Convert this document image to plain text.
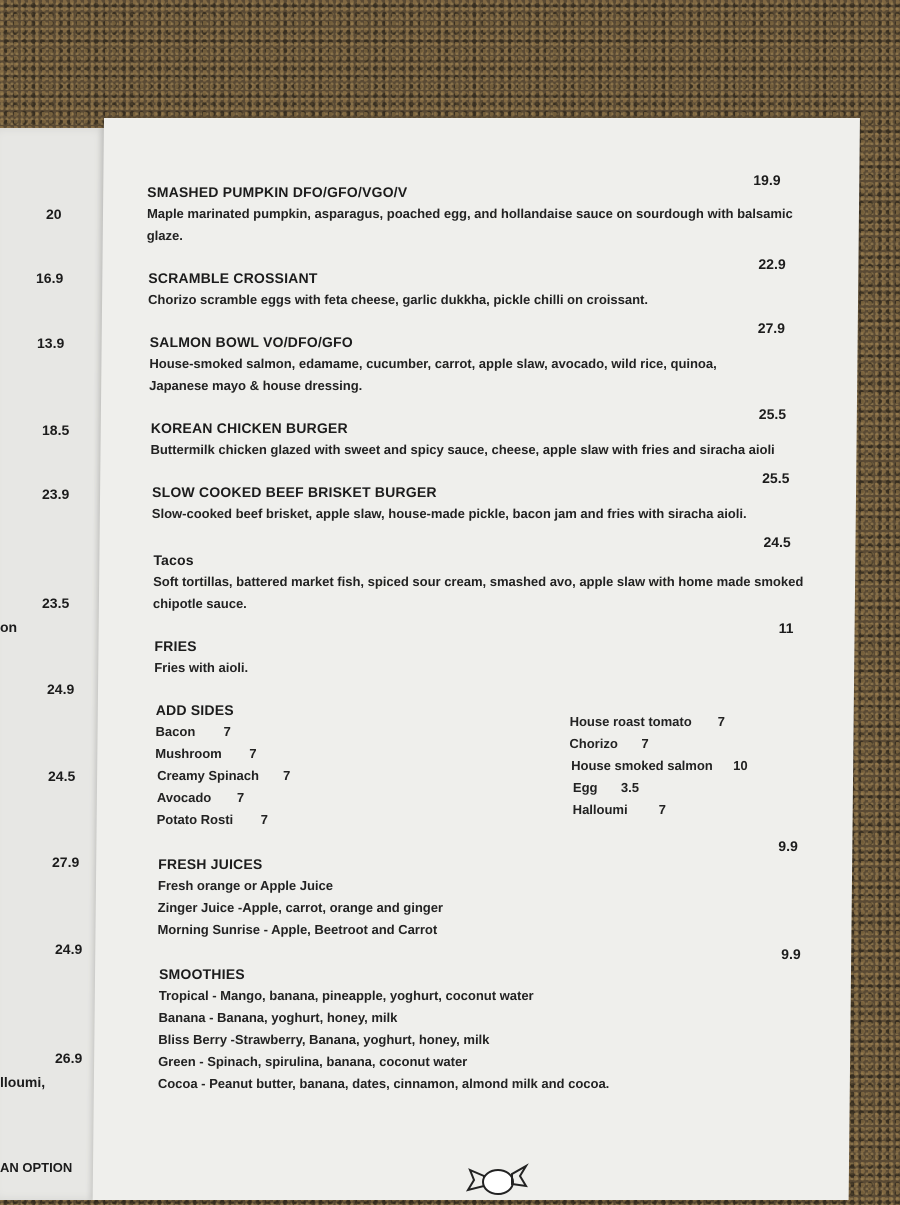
20
16.9
13.9
18.5
23.9
23.5
on
24.9
24.5
27.9
24.9
26.9
lloumi,
AN OPTION
19.9
SMASHED PUMPKIN DFO/GFO/VGO/V
Maple marinated pumpkin, asparagus, poached egg, and hollandaise sauce on sourdough with balsamic
glaze.
22.9
SCRAMBLE CROSSIANT
Chorizo scramble eggs with feta cheese, garlic dukkha, pickle chilli on croissant.
27.9
SALMON BOWL VO/DFO/GFO
House-smoked salmon, edamame, cucumber, carrot, apple slaw, avocado, wild rice, quinoa,
Japanese mayo & house dressing.
25.5
KOREAN CHICKEN BURGER
Buttermilk chicken glazed with sweet and spicy sauce, cheese, apple slaw with fries and siracha aioli
25.5
SLOW COOKED BEEF BRISKET BURGER
Slow-cooked beef brisket, apple slaw, house-made pickle, bacon jam and fries with siracha aioli.
24.5
Tacos
Soft tortillas, battered market fish, spiced sour cream, smashed avo, apple slaw with home made smoked
chipotle sauce.
11
FRIES
Fries with aioli.
ADD SIDES
Bacon 7
Mushroom 7
Creamy Spinach 7
Avocado 7
Potato Rosti 7
House roast tomato 7
Chorizo 7
House smoked salmon 10
Egg 3.5
Halloumi 7
9.9
FRESH JUICES
Fresh orange or Apple Juice
Zinger Juice -Apple, carrot, orange and ginger
Morning Sunrise - Apple, Beetroot and Carrot
9.9
SMOOTHIES
Tropical - Mango, banana, pineapple, yoghurt, coconut water
Banana - Banana, yoghurt, honey, milk
Bliss Berry -Strawberry, Banana, yoghurt, honey, milk
Green - Spinach, spirulina, banana, coconut water
Cocoa - Peanut butter, banana, dates, cinnamon, almond milk and cocoa.
